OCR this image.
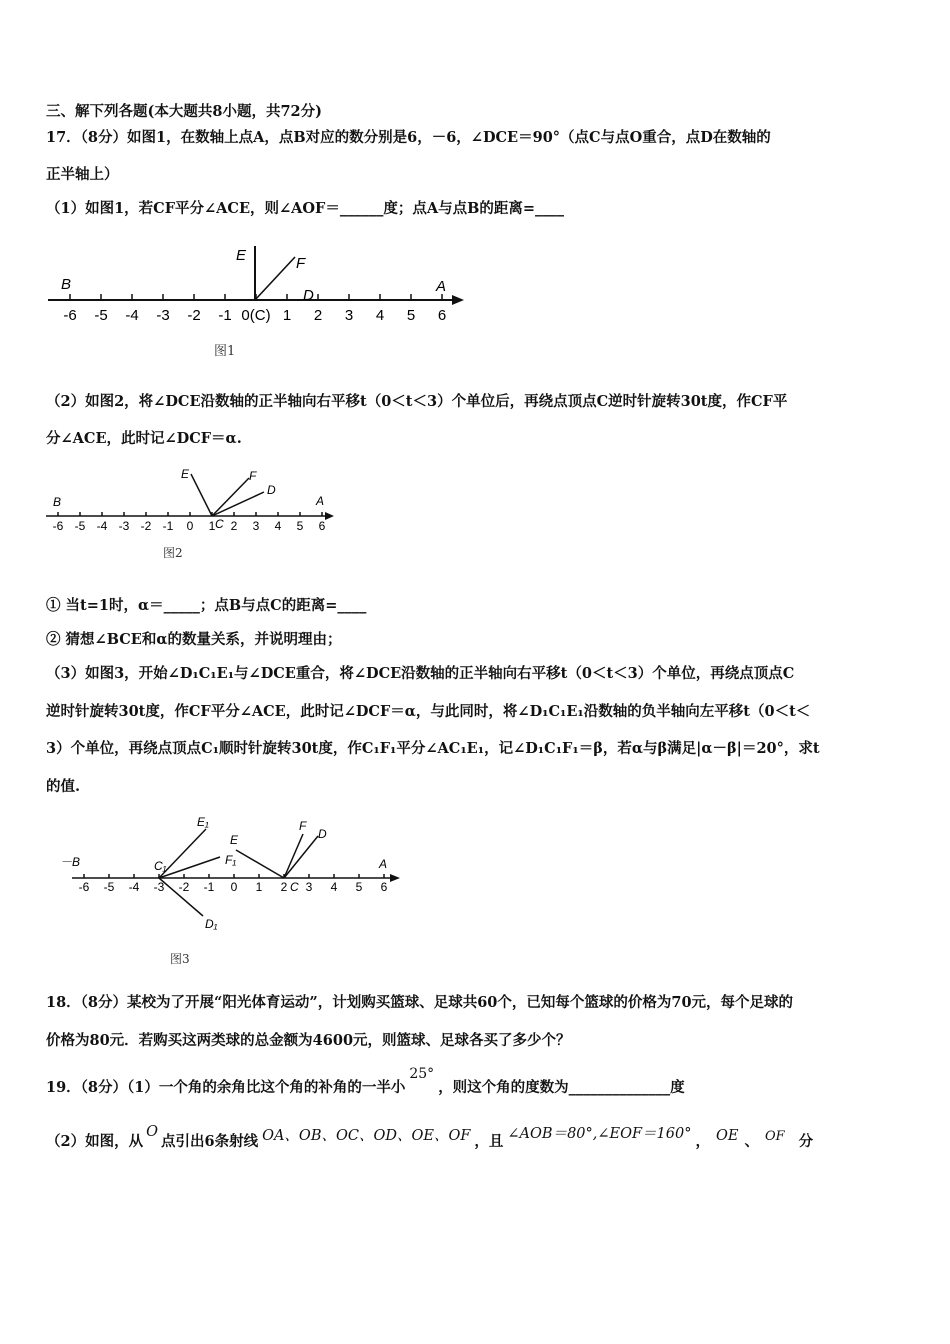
三、解下列各题(本大题共8小题，共72分)
17．（8分）如图1，在数轴上点A，点B对应的数分别是6，－6，∠DCE＝90°（点C与点O重合，点D在数轴的
正半轴上）
（1）如图1，若CF平分∠ACE，则∠AOF＝______度；点A与点B的距离=____
-6 -5 -4 -3 -2 -1 0(C) 1 2 3 4 5 6
B
E	F
D
A
图1
（2）如图2，将∠DCE沿数轴的正半轴向右平移t（0＜t＜3）个单位后，再绕点顶点C逆时针旋转30t度，作CF平
分∠ACE，此时记∠DCF＝α.
-6 -5 -4 -3 -2 -1 0 1 2 3 4 5 6
B
E	F
D
A
C
图2
① 当t=1时，α＝_____；点B与点C的距离=____
② 猜想∠BCE和α的数量关系，并说明理由；
（3）如图3，开始∠D₁C₁E₁与∠DCE重合，将∠DCE沿数轴的正半轴向右平移t（0＜t＜3）个单位，再绕点顶点C
逆时针旋转30t度，作CF平分∠ACE，此时记∠DCF＝α，与此同时，将∠D₁C₁E₁沿数轴的负半轴向左平移t（0＜t＜
3）个单位，再绕点顶点C₁顺时针旋转30t度，作C₁F₁平分∠AC₁E₁，记∠D₁C₁F₁＝β，若α与β满足|α－β|＝20°，求t
的值.
-6 -5 -4 -3 -2 -1 0 1 2 3 4 5 6
－B	C₁
E₁
F₁
D₁
E
F
D
A
C
图3
18．（8分）某校为了开展“阳光体育运动”，计划购买篮球、足球共60个，已知每个篮球的价格为70元，每个足球的
价格为80元．若购买这两类球的总金额为4600元，则篮球、足球各买了多少个？
19．（8分）（1）一个角的余角比这个角的补角的一半小25°，则这个角的度数为______________度
（2）如图，从O点引出6条射线 OA、OB、OC、OD、OE、OF ，且 ∠AOB＝80°,∠EOF＝160° ， OE 、 OF 分
